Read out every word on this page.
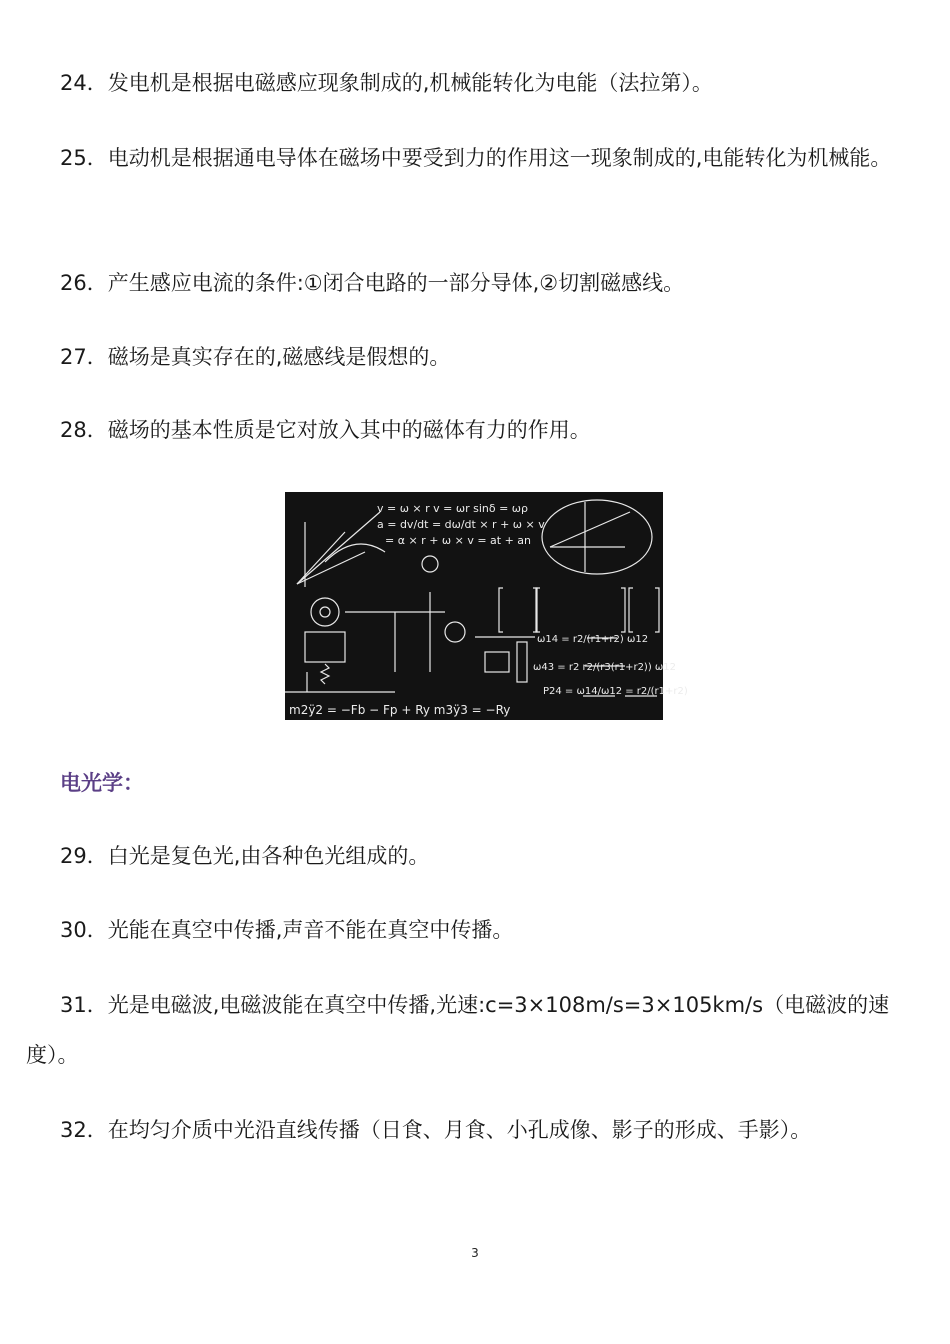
24．发电机是根据电磁感应现象制成的,机械能转化为电能（法拉第）。

25．电动机是根据通电导体在磁场中要受到力的作用这一现象制成的,电能转化为机械能。

26．产生感应电流的条件:①闭合电路的一部分导体,②切割磁感线。

27．磁场是真实存在的,磁感线是假想的。

28．磁场的基本性质是它对放入其中的磁体有力的作用。

v = ω × r v = ωr sinδ = ωρ
a = dv/dt = dω/dt × r + ω × v
= α × r + ω × v = at + an
ω14 = r2/(r1+r2) ω12
ω43 = r2 r2/(r3(r1+r2)) ω12
P24 = ω14/ω12 = r2/(r1+r2)
m2ÿ2 = −Fb − Fp + Ry m3ÿ3 = −Ry

电光学：

29．白光是复色光,由各种色光组成的。

30．光能在真空中传播,声音不能在真空中传播。

31．光是电磁波,电磁波能在真空中传播,光速:c=3×108m/s=3×105km/s（电磁波的速度）。

32．在均匀介质中光沿直线传播（日食、月食、小孔成像、影子的形成、手影）。

3
